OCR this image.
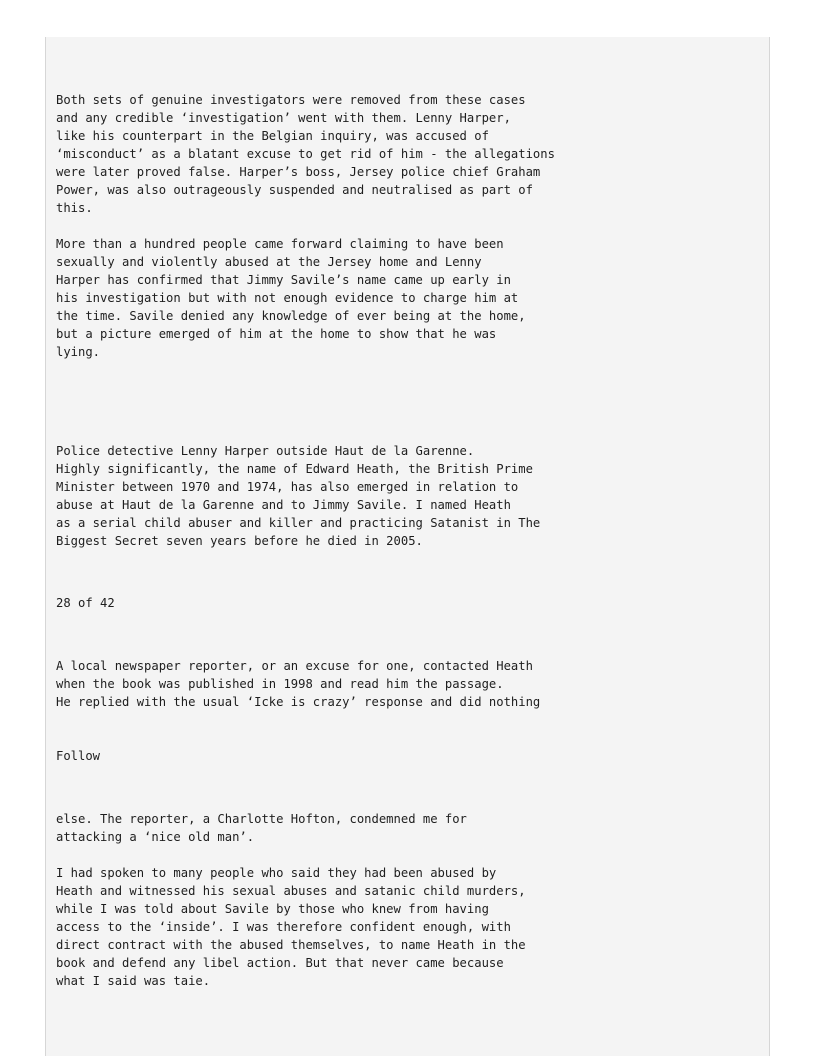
Both sets of genuine investigators were removed from these cases
and any credible ‘investigation’ went with them. Lenny Harper,
like his counterpart in the Belgian inquiry, was accused of
‘misconduct’ as a blatant excuse to get rid of him - the allegations
were later proved false. Harper’s boss, Jersey police chief Graham
Power, was also outrageously suspended and neutralised as part of
this.

More than a hundred people came forward claiming to have been
sexually and violently abused at the Jersey home and Lenny
Harper has confirmed that Jimmy Savile’s name came up early in
his investigation but with not enough evidence to charge him at
the time. Savile denied any knowledge of ever being at the home,
but a picture emerged of him at the home to show that he was
lying.

Police detective Lenny Harper outside Haut de la Garenne.

Highly significantly, the name of Edward Heath, the British Prime
Minister between 1970 and 1974, has also emerged in relation to
abuse at Haut de la Garenne and to Jimmy Savile. I named Heath
as a serial child abuser and killer and practicing Satanist in The
Biggest Secret seven years before he died in 2005.

28 of 42

A local newspaper reporter, or an excuse for one, contacted Heath
when the book was published in 1998 and read him the passage.
He replied with the usual ‘Icke is crazy’ response and did nothing

Follow

else. The reporter, a Charlotte Hofton, condemned me for
attacking a ‘nice old man’.

I had spoken to many people who said they had been abused by
Heath and witnessed his sexual abuses and satanic child murders,
while I was told about Savile by those who knew from having
access to the ‘inside’. I was therefore confident enough, with
direct contract with the abused themselves, to name Heath in the
book and defend any libel action. But that never came because
what I said was taie.
